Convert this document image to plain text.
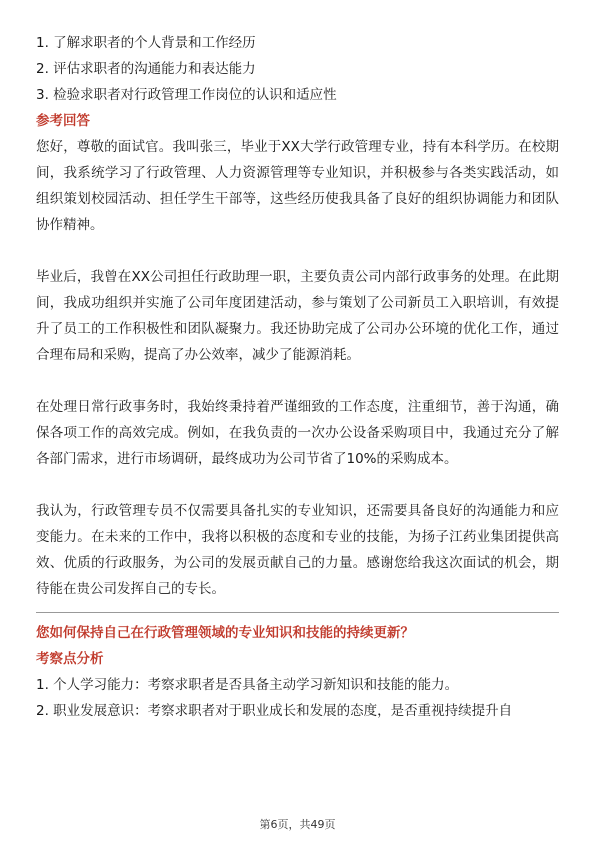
1. 了解求职者的个人背景和工作经历

2. 评估求职者的沟通能力和表达能力

3. 检验求职者对行政管理工作岗位的认识和适应性

参考回答

您好，尊敬的面试官。我叫张三，毕业于XX大学行政管理专业，持有本科学历。在校期间，我系统学习了行政管理、人力资源管理等专业知识，并积极参与各类实践活动，如组织策划校园活动、担任学生干部等，这些经历使我具备了良好的组织协调能力和团队协作精神。

毕业后，我曾在XX公司担任行政助理一职，主要负责公司内部行政事务的处理。在此期间，我成功组织并实施了公司年度团建活动，参与策划了公司新员工入职培训，有效提升了员工的工作积极性和团队凝聚力。我还协助完成了公司办公环境的优化工作，通过合理布局和采购，提高了办公效率，减少了能源消耗。

在处理日常行政事务时，我始终秉持着严谨细致的工作态度，注重细节，善于沟通，确保各项工作的高效完成。例如，在我负责的一次办公设备采购项目中，我通过充分了解各部门需求，进行市场调研，最终成功为公司节省了10%的采购成本。

我认为，行政管理专员不仅需要具备扎实的专业知识，还需要具备良好的沟通能力和应变能力。在未来的工作中，我将以积极的态度和专业的技能，为扬子江药业集团提供高效、优质的行政服务，为公司的发展贡献自己的力量。感谢您给我这次面试的机会，期待能在贵公司发挥自己的专长。

您如何保持自己在行政管理领域的专业知识和技能的持续更新？

考察点分析

1. 个人学习能力：考察求职者是否具备主动学习新知识和技能的能力。

2. 职业发展意识：考察求职者对于职业成长和发展的态度，是否重视持续提升自

第6页，共49页
